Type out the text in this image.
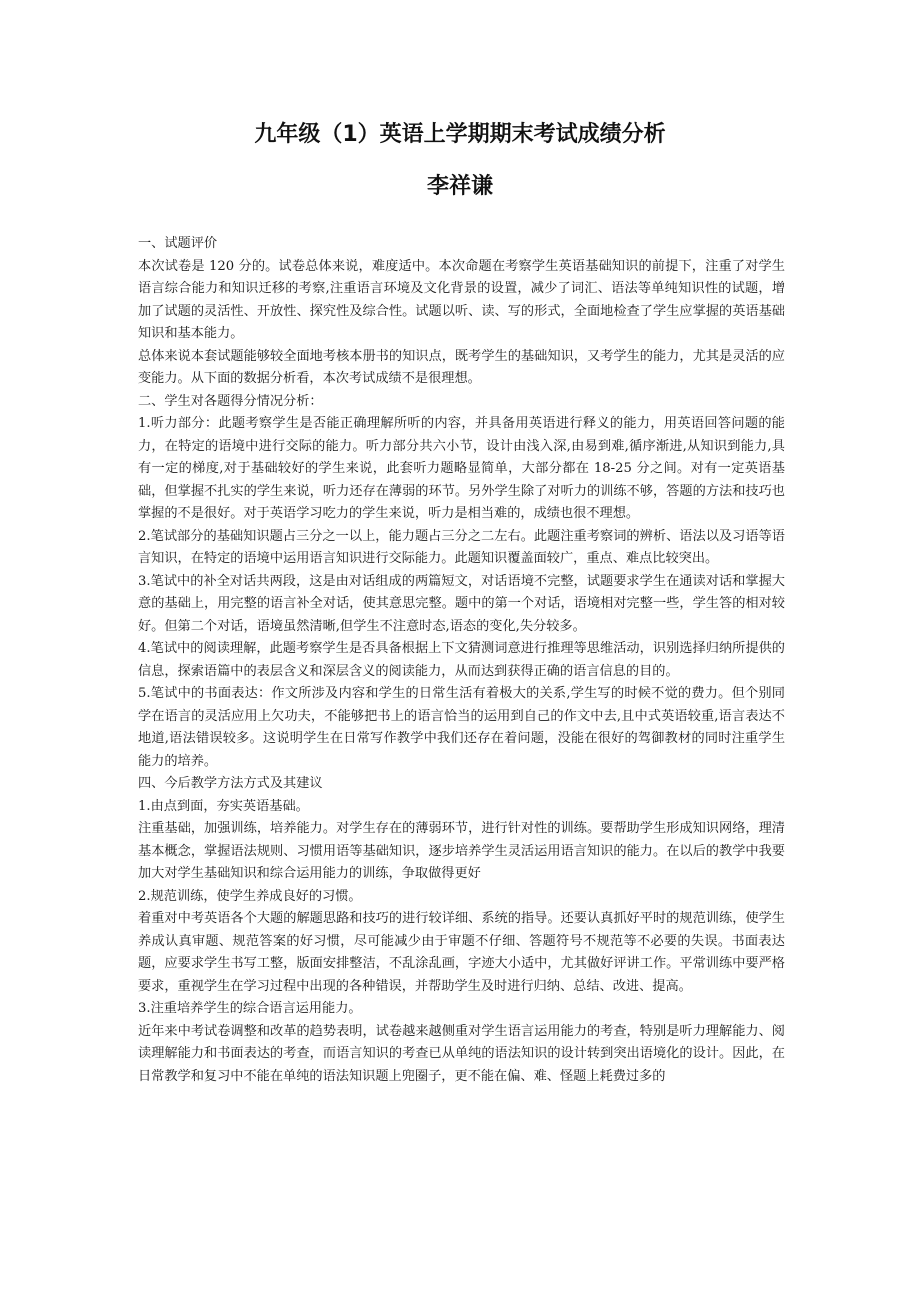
九年级（1）英语上学期期末考试成绩分析
李祥谦

一、试题评价

本次试卷是 120 分的。试卷总体来说，难度适中。本次命题在考察学生英语基础知识的前提下，注重了对学生语言综合能力和知识迁移的考察,注重语言环境及文化背景的设置，减少了词汇、语法等单纯知识性的试题，增加了试题的灵活性、开放性、探究性及综合性。试题以听、读、写的形式，全面地检查了学生应掌握的英语基础知识和基本能力。

总体来说本套试题能够较全面地考核本册书的知识点，既考学生的基础知识，又考学生的能力，尤其是灵活的应变能力。从下面的数据分析看，本次考试成绩不是很理想。

二、学生对各题得分情况分析：

1.听力部分：此题考察学生是否能正确理解所听的内容，并具备用英语进行释义的能力，用英语回答问题的能力，在特定的语境中进行交际的能力。听力部分共六小节，设计由浅入深,由易到难,循序渐进,从知识到能力,具有一定的梯度,对于基础较好的学生来说，此套听力题略显简单，大部分都在 18-25 分之间。对有一定英语基础，但掌握不扎实的学生来说，听力还存在薄弱的环节。另外学生除了对听力的训练不够，答题的方法和技巧也掌握的不是很好。对于英语学习吃力的学生来说，听力是相当难的，成绩也很不理想。

2.笔试部分的基础知识题占三分之一以上，能力题占三分之二左右。此题注重考察词的辨析、语法以及习语等语言知识，在特定的语境中运用语言知识进行交际能力。此题知识覆盖面较广，重点、难点比较突出。

3.笔试中的补全对话共两段，这是由对话组成的两篇短文，对话语境不完整，试题要求学生在通读对话和掌握大意的基础上，用完整的语言补全对话，使其意思完整。题中的第一个对话，语境相对完整一些，学生答的相对较好。但第二个对话，语境虽然清晰,但学生不注意时态,语态的变化,失分较多。

4.笔试中的阅读理解，此题考察学生是否具备根据上下文猜测词意进行推理等思维活动，识别选择归纳所提供的信息，探索语篇中的表层含义和深层含义的阅读能力，从而达到获得正确的语言信息的目的。

5.笔试中的书面表达：作文所涉及内容和学生的日常生活有着极大的关系,学生写的时候不觉的费力。但个别同学在语言的灵活应用上欠功夫，不能够把书上的语言恰当的运用到自己的作文中去,且中式英语较重,语言表达不地道,语法错误较多。这说明学生在日常写作教学中我们还存在着问题，没能在很好的驾御教材的同时注重学生能力的培养。

四、今后教学方法方式及其建议

1.由点到面，夯实英语基础。

注重基础，加强训练，培养能力。对学生存在的薄弱环节，进行针对性的训练。要帮助学生形成知识网络，理清基本概念，掌握语法规则、习惯用语等基础知识，逐步培养学生灵活运用语言知识的能力。在以后的教学中我要加大对学生基础知识和综合运用能力的训练，争取做得更好

2.规范训练，使学生养成良好的习惯。

着重对中考英语各个大题的解题思路和技巧的进行较详细、系统的指导。还要认真抓好平时的规范训练，使学生养成认真审题、规范答案的好习惯，尽可能减少由于审题不仔细、答题符号不规范等不必要的失误。书面表达题，应要求学生书写工整，版面安排整洁，不乱涂乱画，字迹大小适中，尤其做好评讲工作。平常训练中要严格要求，重视学生在学习过程中出现的各种错误，并帮助学生及时进行归纳、总结、改进、提高。

3.注重培养学生的综合语言运用能力。

近年来中考试卷调整和改革的趋势表明，试卷越来越侧重对学生语言运用能力的考查，特别是听力理解能力、阅读理解能力和书面表达的考查，而语言知识的考查已从单纯的语法知识的设计转到突出语境化的设计。因此，在日常教学和复习中不能在单纯的语法知识题上兜圈子，更不能在偏、难、怪题上耗费过多的
